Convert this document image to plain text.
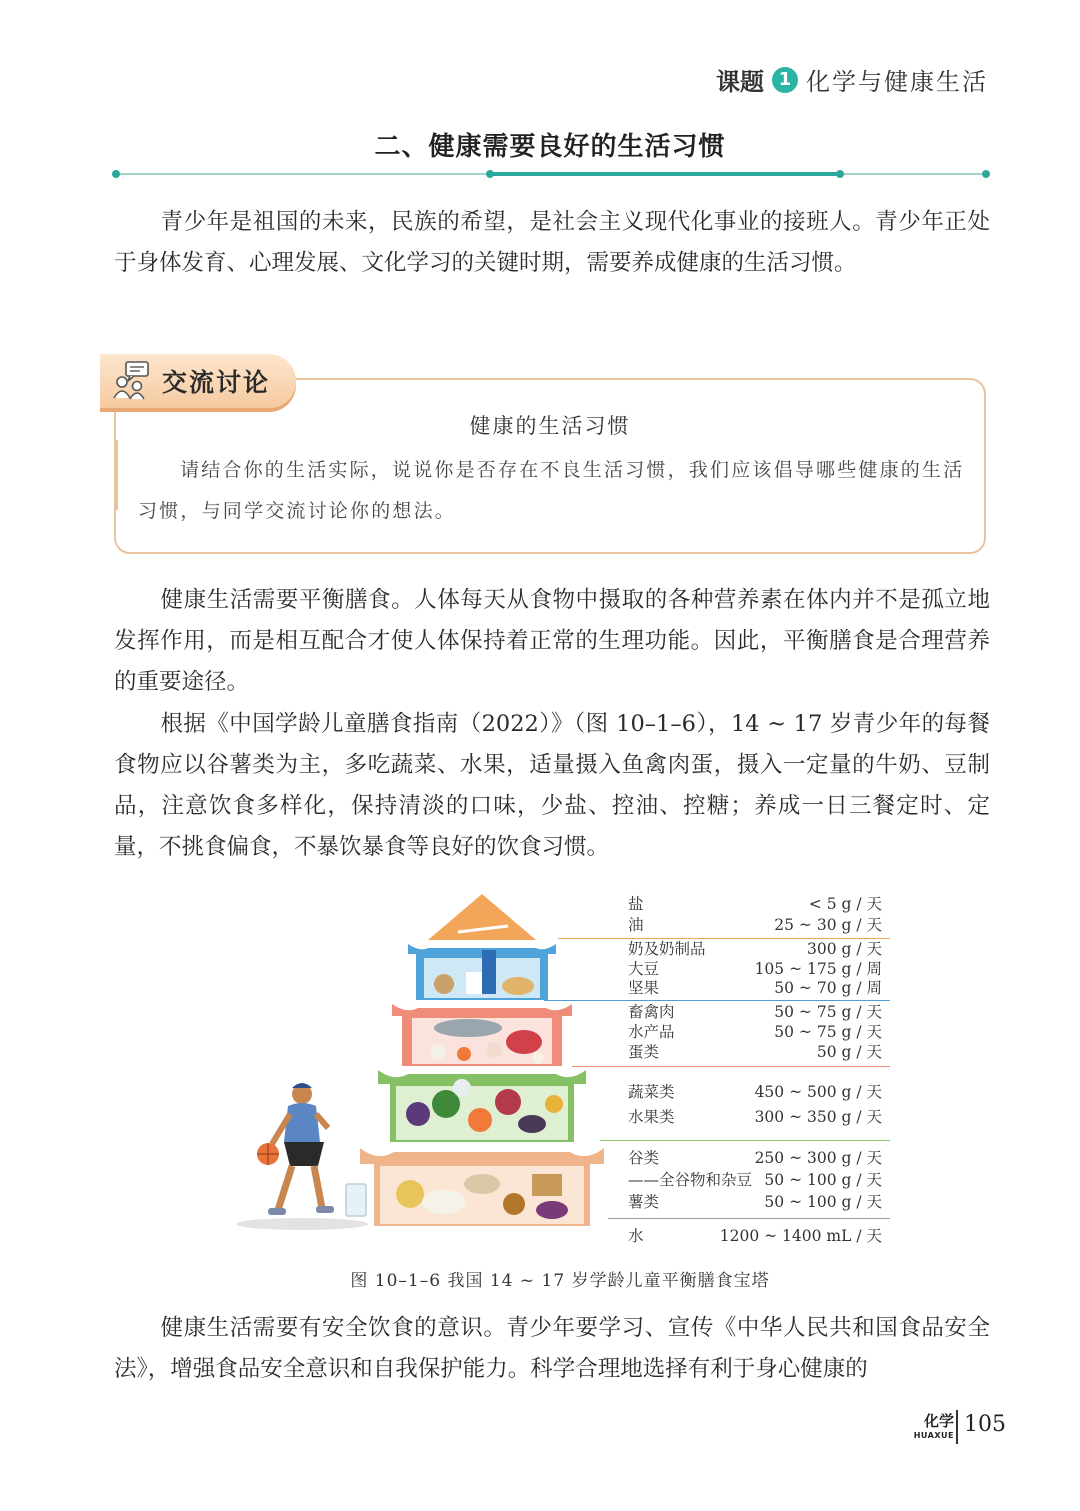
课题 1 化学与健康生活
二、健康需要良好的生活习惯

青少年是祖国的未来，民族的希望，是社会主义现代化事业的接班人。青少年正处于身体发育、心理发展、文化学习的关键时期，需要养成健康的生活习惯。

交流讨论
健康的生活习惯

请结合你的生活实际，说说你是否存在不良生活习惯，我们应该倡导哪些健康的生活习惯，与同学交流讨论你的想法。

健康生活需要平衡膳食。人体每天从食物中摄取的各种营养素在体内并不是孤立地发挥作用，而是相互配合才使人体保持着正常的生理功能。因此，平衡膳食是合理营养的重要途径。

根据《中国学龄儿童膳食指南（2022）》（图 10–1–6），14 ~ 17 岁青少年的每餐食物应以谷薯类为主，多吃蔬菜、水果，适量摄入鱼禽肉蛋，摄入一定量的牛奶、豆制品，注意饮食多样化，保持清淡的口味，少盐、控油、控糖；养成一日三餐定时、定量，不挑食偏食，不暴饮暴食等良好的饮食习惯。

盐	< 5 g / 天
油	25 ~ 30 g / 天
奶及奶制品	300 g / 天
大豆	105 ~ 175 g / 周
坚果	50 ~ 70 g / 周
畜禽肉	50 ~ 75 g / 天
水产品	50 ~ 75 g / 天
蛋类	50 g / 天
蔬菜类	450 ~ 500 g / 天
水果类	300 ~ 350 g / 天
谷类	250 ~ 300 g / 天
——全谷物和杂豆 50 ~ 100 g / 天
薯类	50 ~ 100 g / 天
水	1200 ~ 1400 mL / 天
图 10–1–6 我国 14 ~ 17 岁学龄儿童平衡膳食宝塔

健康生活需要有安全饮食的意识。青少年要学习、宣传《中华人民共和国食品安全法》，增强食品安全意识和自我保护能力。科学合理地选择有利于身心健康的

化学
HUAXUE 105
